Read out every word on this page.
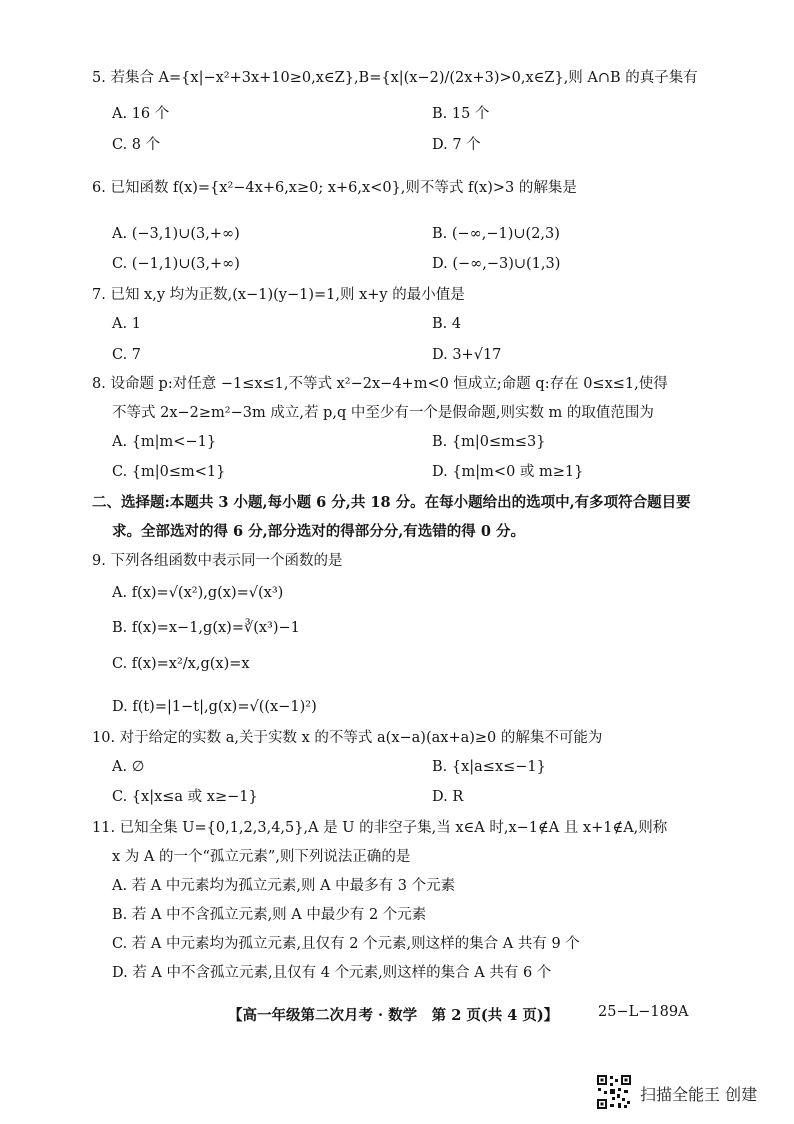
5. 若集合 A={x|−x²+3x+10≥0,x∈Z},B={x|(x−2)/(2x+3)>0,x∈Z},则 A∩B 的真子集有
A. 16 个	B. 15 个
C. 8 个	D. 7 个
6. 已知函数 f(x)={x²−4x+6,x≥0; x+6,x<0},则不等式 f(x)>3 的解集是
A. (−3,1)∪(3,+∞)	B. (−∞,−1)∪(2,3)
C. (−1,1)∪(3,+∞)	D. (−∞,−3)∪(1,3)
7. 已知 x,y 均为正数,(x−1)(y−1)=1,则 x+y 的最小值是
A. 1	B. 4
C. 7	D. 3+√17
8. 设命题 p:对任意 −1≤x≤1,不等式 x²−2x−4+m<0 恒成立;命题 q:存在 0≤x≤1,使得
不等式 2x−2≥m²−3m 成立,若 p,q 中至少有一个是假命题,则实数 m 的取值范围为
A. {m|m<−1}	B. {m|0≤m≤3}
C. {m|0≤m<1}	D. {m|m<0 或 m≥1}
二、选择题:本题共 3 小题,每小题 6 分,共 18 分。在每小题给出的选项中,有多项符合题目要
求。全部选对的得 6 分,部分选对的得部分分,有选错的得 0 分。
9. 下列各组函数中表示同一个函数的是
A. f(x)=√(x²),g(x)=√(x³)
B. f(x)=x−1,g(x)=∛(x³)−1
C. f(x)=x²/x,g(x)=x
D. f(t)=|1−t|,g(x)=√((x−1)²)
10. 对于给定的实数 a,关于实数 x 的不等式 a(x−a)(ax+a)≥0 的解集不可能为
A. ∅	B. {x|a≤x≤−1}
C. {x|x≤a 或 x≥−1}	D. R
11. 已知全集 U={0,1,2,3,4,5},A 是 U 的非空子集,当 x∈A 时,x−1∉A 且 x+1∉A,则称
x 为 A 的一个“孤立元素”,则下列说法正确的是
A. 若 A 中元素均为孤立元素,则 A 中最多有 3 个元素
B. 若 A 中不含孤立元素,则 A 中最少有 2 个元素
C. 若 A 中元素均为孤立元素,且仅有 2 个元素,则这样的集合 A 共有 9 个
D. 若 A 中不含孤立元素,且仅有 4 个元素,则这样的集合 A 共有 6 个
【高一年级第二次月考 · 数学　第 2 页(共 4 页)】	25−L−189A
扫描全能王 创建
